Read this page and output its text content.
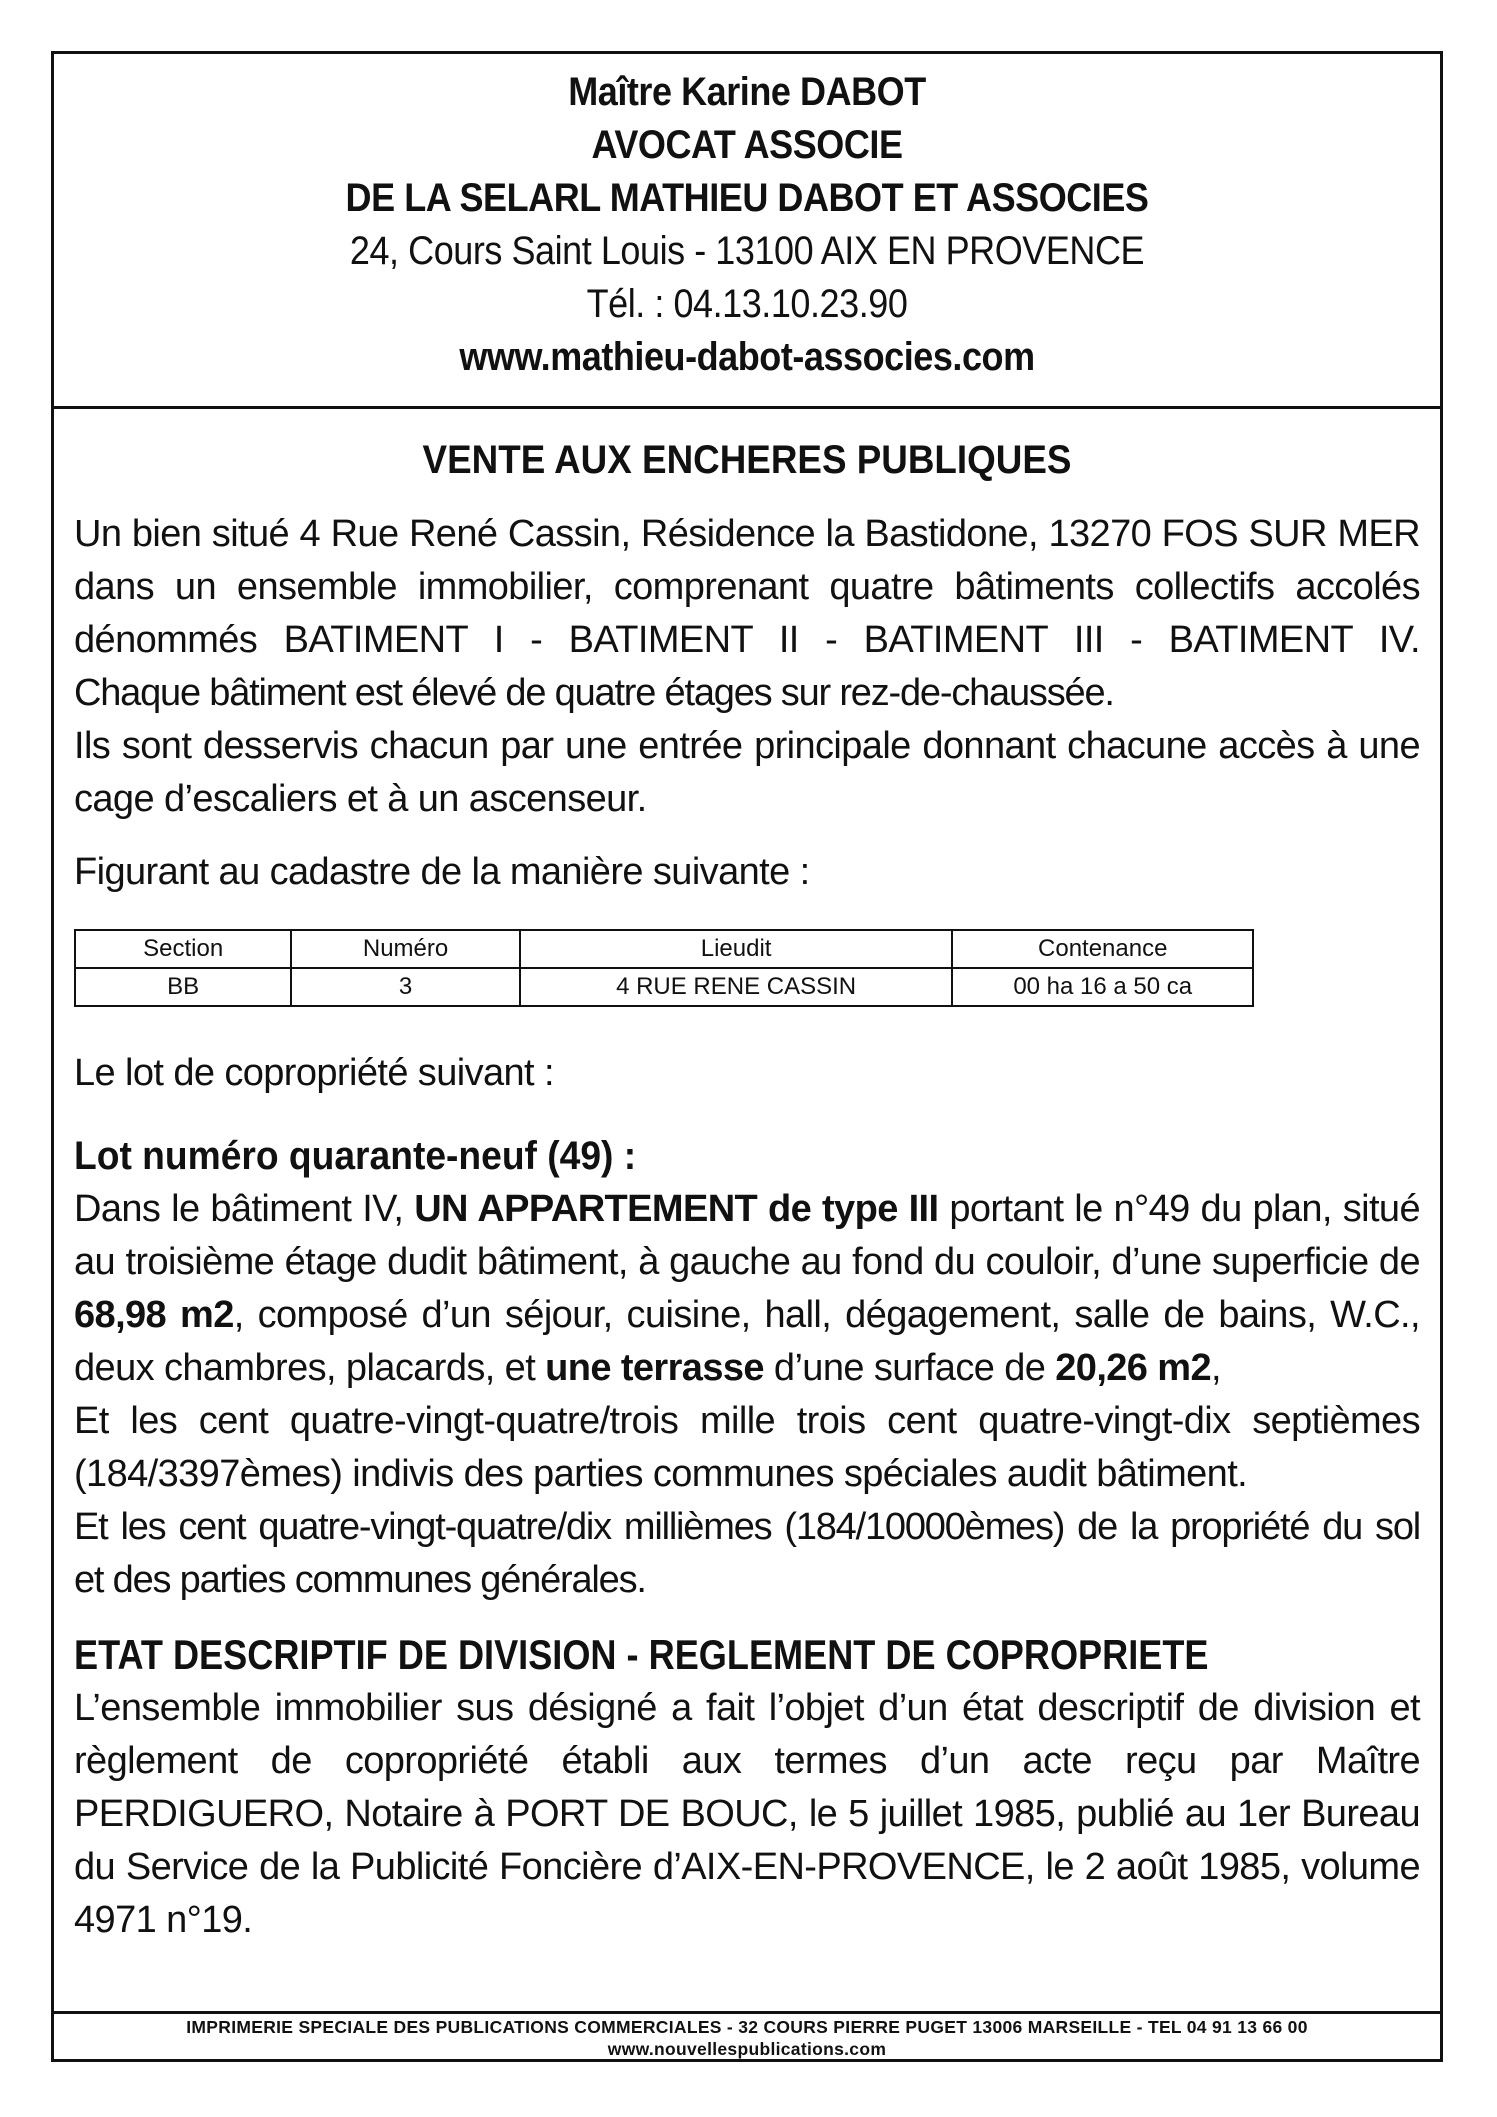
Maître Karine DABOT
AVOCAT ASSOCIE
DE LA SELARL MATHIEU DABOT ET ASSOCIES
24, Cours Saint Louis - 13100 AIX EN PROVENCE
Tél. : 04.13.10.23.90
www.mathieu-dabot-associes.com
VENTE AUX ENCHERES PUBLIQUES

Un bien situé 4 Rue René Cassin, Résidence la Bastidone, 13270 FOS SUR MER dans un ensemble immobilier, comprenant quatre bâtiments collectifs accolés dénommés BATIMENT I - BATIMENT II - BATIMENT III - BATIMENT IV.

Chaque bâtiment est élevé de quatre étages sur rez-de-chaussée.

Ils sont desservis chacun par une entrée principale donnant chacune accès à une cage d’escaliers et à un ascenseur.

Figurant au cadastre de la manière suivante :

Section	Numéro	Lieudit	Contenance
BB	3	4 RUE RENE CASSIN	00 ha 16 a 50 ca

Le lot de copropriété suivant :

Lot numéro quarante-neuf (49) :

Dans le bâtiment IV, UN APPARTEMENT de type III portant le n°49 du plan, situé au troisième étage dudit bâtiment, à gauche au fond du couloir, d’une superficie de 68,98 m2, composé d’un séjour, cuisine, hall, dégagement, salle de bains, W.C., deux chambres, placards, et une terrasse d’une surface de 20,26 m2,

Et les cent quatre-vingt-quatre/trois mille trois cent quatre-vingt-dix septièmes (184/3397èmes) indivis des parties communes spéciales audit bâtiment.

Et les cent quatre-vingt-quatre/dix millièmes (184/10000èmes) de la propriété du sol et des parties communes générales.

ETAT DESCRIPTIF DE DIVISION - REGLEMENT DE COPROPRIETE

L’ensemble immobilier sus désigné a fait l’objet d’un état descriptif de division et règlement de copropriété établi aux termes d’un acte reçu par Maître PERDIGUERO, Notaire à PORT DE BOUC, le 5 juillet 1985, publié au 1er Bureau du Service de la Publicité Foncière d’AIX-EN-PROVENCE, le 2 août 1985, volume 4971 n°19.

IMPRIMERIE SPECIALE DES PUBLICATIONS COMMERCIALES - 32 COURS PIERRE PUGET 13006 MARSEILLE - TEL 04 91 13 66 00
www.nouvellespublications.com
